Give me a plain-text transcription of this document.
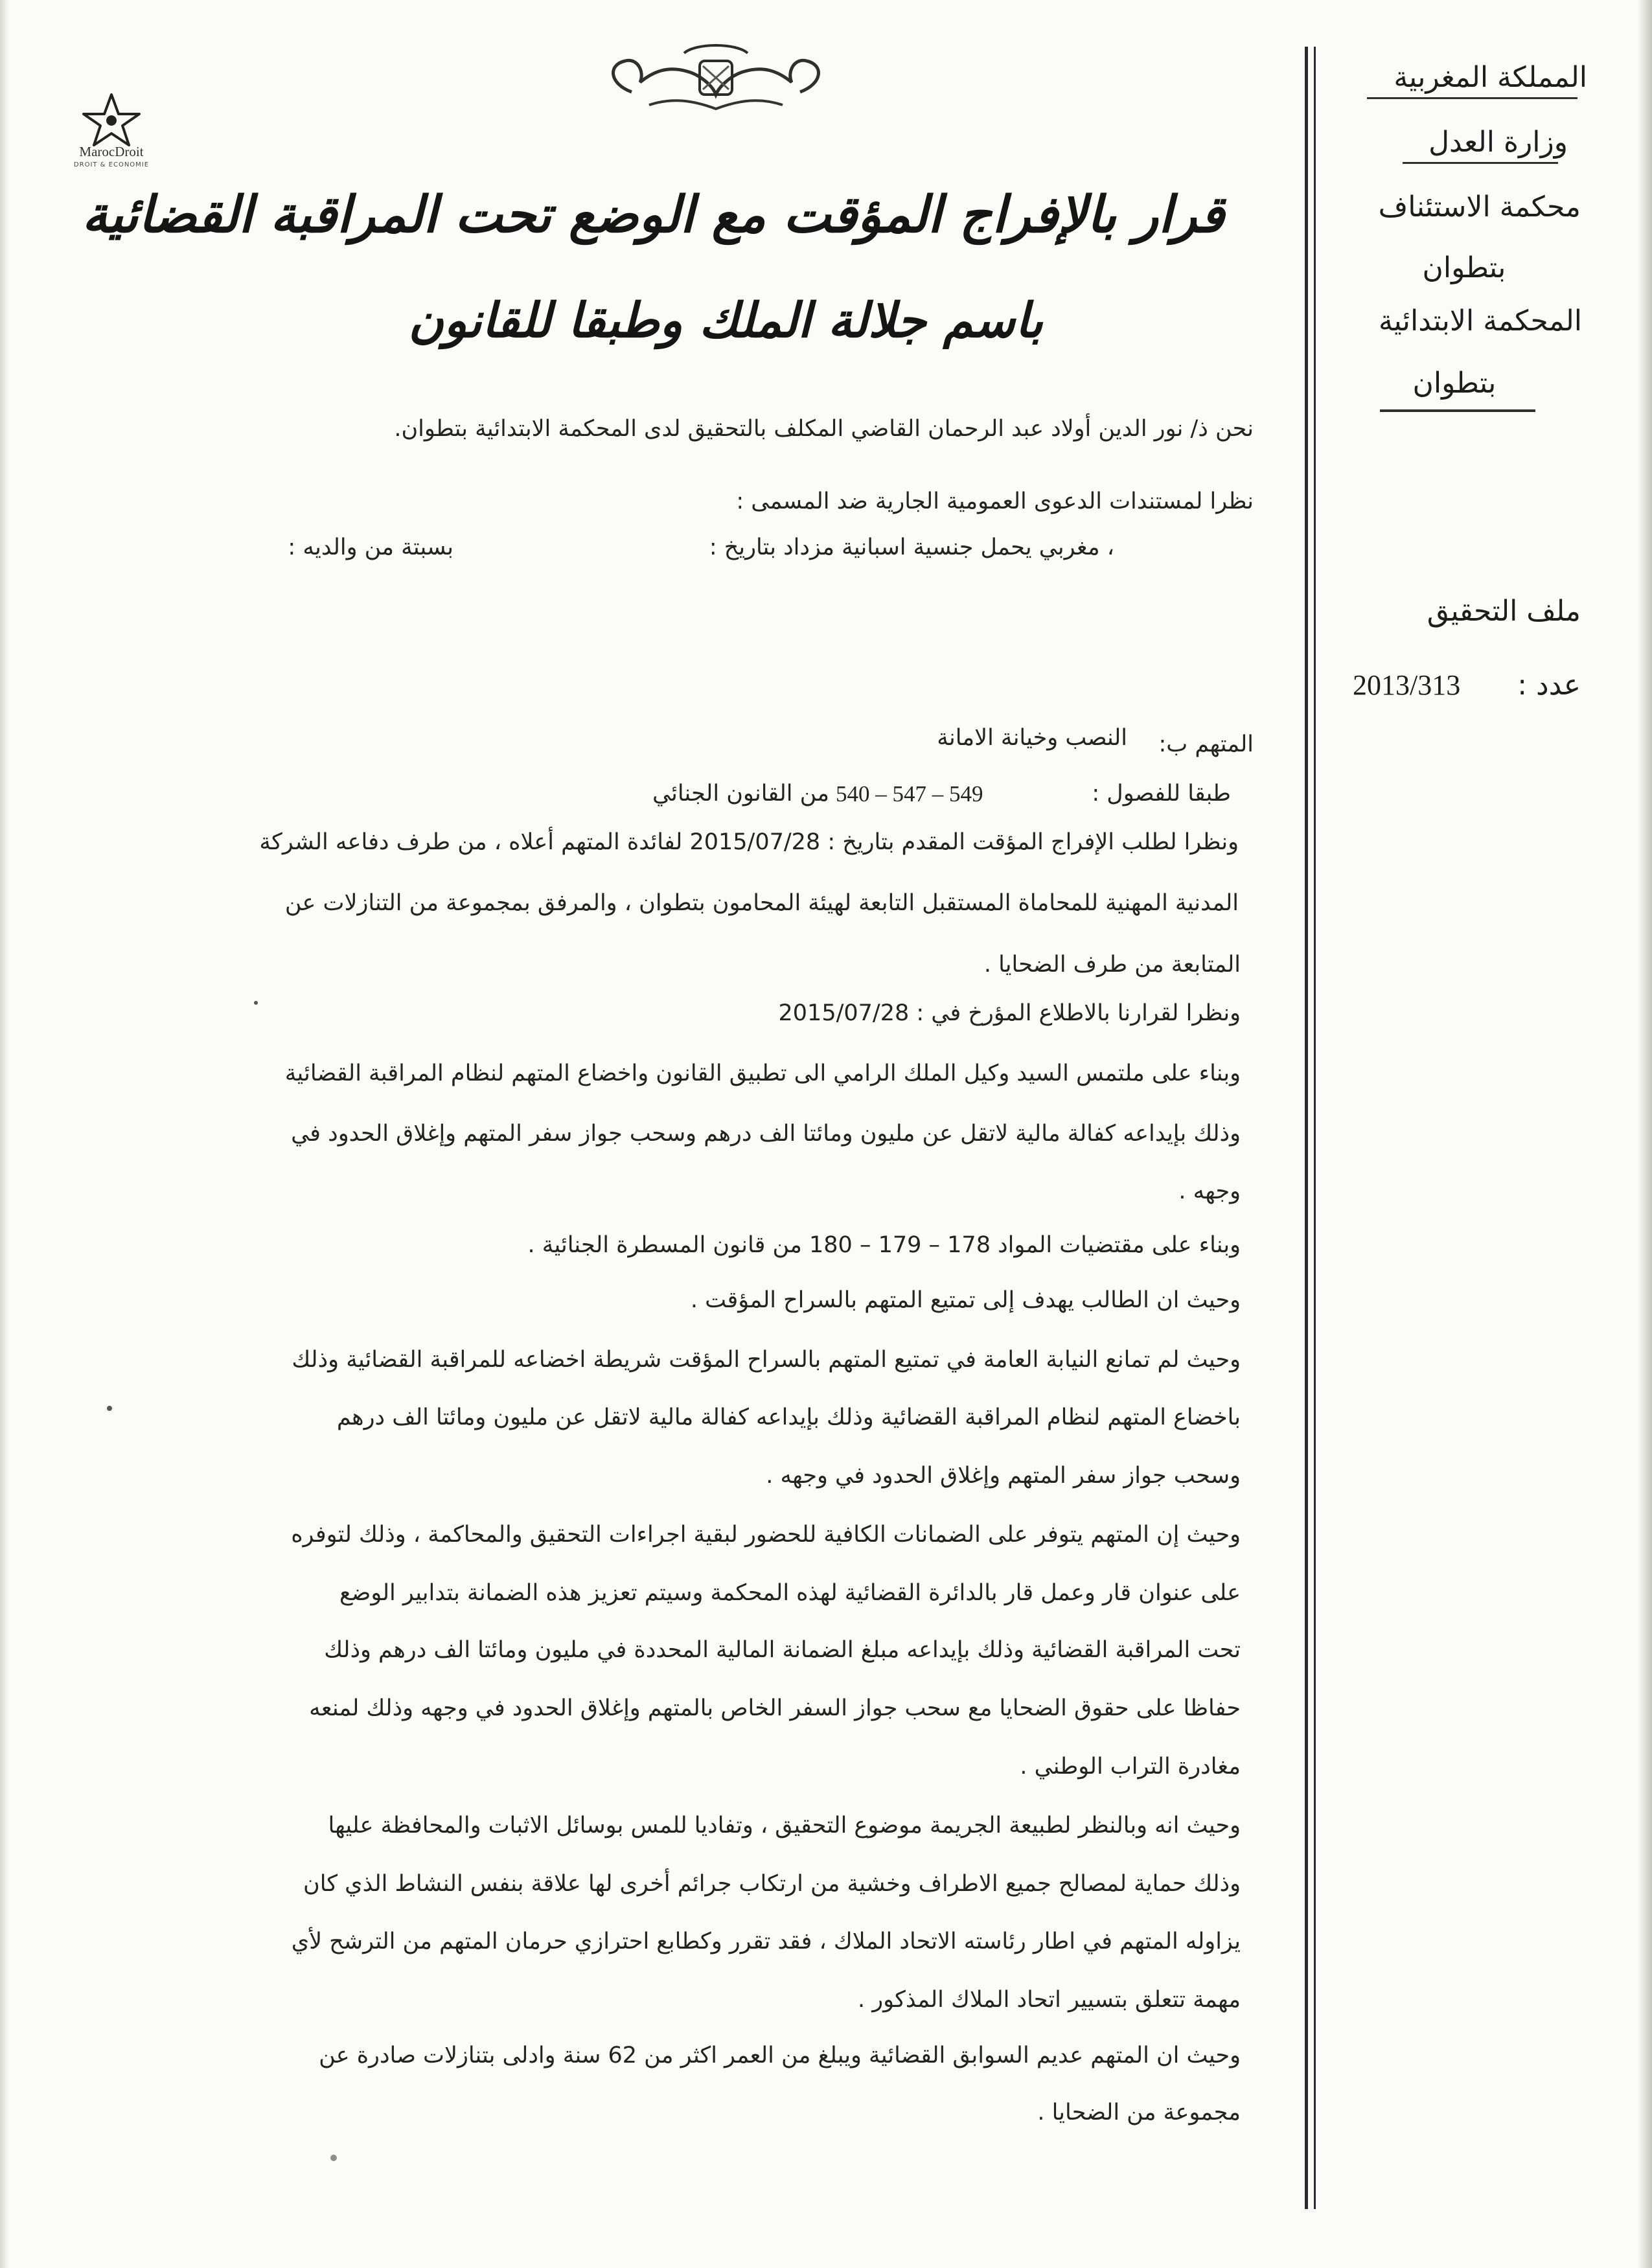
MarocDroit
DROIT & ECONOMIE
المملكة المغربية
وزارة العدل
محكمة الاستئناف
بتطوان
المحكمة الابتدائية
بتطوان
ملف التحقيق
عدد :
2013/313
قرار بالإفراج المؤقت مع الوضع تحت المراقبة القضائية
باسم جلالة الملك وطبقا للقانون
نحن ذ/ نور الدين أولاد عبد الرحمان القاضي المكلف بالتحقيق لدى المحكمة الابتدائية بتطوان.
نظرا لمستندات الدعوى العمومية الجارية ضد المسمى :
، مغربي يحمل جنسية اسبانية مزداد بتاريخ :
بسبتة من والديه :
المتهم ب:
النصب وخيانة الامانة
طبقا للفصول :
540 – 547 – 549
من القانون الجنائي
ونظرا لطلب الإفراج المؤقت المقدم بتاريخ : 2015/07/28 لفائدة المتهم أعلاه ، من طرف دفاعه الشركة
المدنية المهنية للمحاماة المستقبل التابعة لهيئة المحامون بتطوان ، والمرفق بمجموعة من التنازلات عن
المتابعة من طرف الضحايا .
ونظرا لقرارنا بالاطلاع المؤرخ في : 2015/07/28
وبناء على ملتمس السيد وكيل الملك الرامي الى تطبيق القانون واخضاع المتهم لنظام المراقبة القضائية
وذلك بإيداعه كفالة مالية لاتقل عن مليون ومائتا الف درهم وسحب جواز سفر المتهم وإغلاق الحدود في
وجهه .
وبناء على مقتضيات المواد 178 – 179 – 180 من قانون المسطرة الجنائية .
وحيث ان الطالب يهدف إلى تمتيع المتهم بالسراح المؤقت .
وحيث لم تمانع النيابة العامة في تمتيع المتهم بالسراح المؤقت شريطة اخضاعه للمراقبة القضائية وذلك
باخضاع المتهم لنظام المراقبة القضائية وذلك بإيداعه كفالة مالية لاتقل عن مليون ومائتا الف درهم
وسحب جواز سفر المتهم وإغلاق الحدود في وجهه .
وحيث إن المتهم يتوفر على الضمانات الكافية للحضور لبقية اجراءات التحقيق والمحاكمة ، وذلك لتوفره
على عنوان قار وعمل قار بالدائرة القضائية لهذه المحكمة وسيتم تعزيز هذه الضمانة بتدابير الوضع
تحت المراقبة القضائية وذلك بإيداعه مبلغ الضمانة المالية المحددة في مليون ومائتا الف درهم وذلك
حفاظا على حقوق الضحايا مع سحب جواز السفر الخاص بالمتهم وإغلاق الحدود في وجهه وذلك لمنعه
مغادرة التراب الوطني .
وحيث انه وبالنظر لطبيعة الجريمة موضوع التحقيق ، وتفاديا للمس بوسائل الاثبات والمحافظة عليها
وذلك حماية لمصالح جميع الاطراف وخشية من ارتكاب جرائم أخرى لها علاقة بنفس النشاط الذي كان
يزاوله المتهم في اطار رئاسته الاتحاد الملاك ، فقد تقرر وكطابع احترازي حرمان المتهم من الترشح لأي
مهمة تتعلق بتسيير اتحاد الملاك المذكور .
وحيث ان المتهم عديم السوابق القضائية ويبلغ من العمر اكثر من 62 سنة وادلى بتنازلات صادرة عن
مجموعة من الضحايا .
